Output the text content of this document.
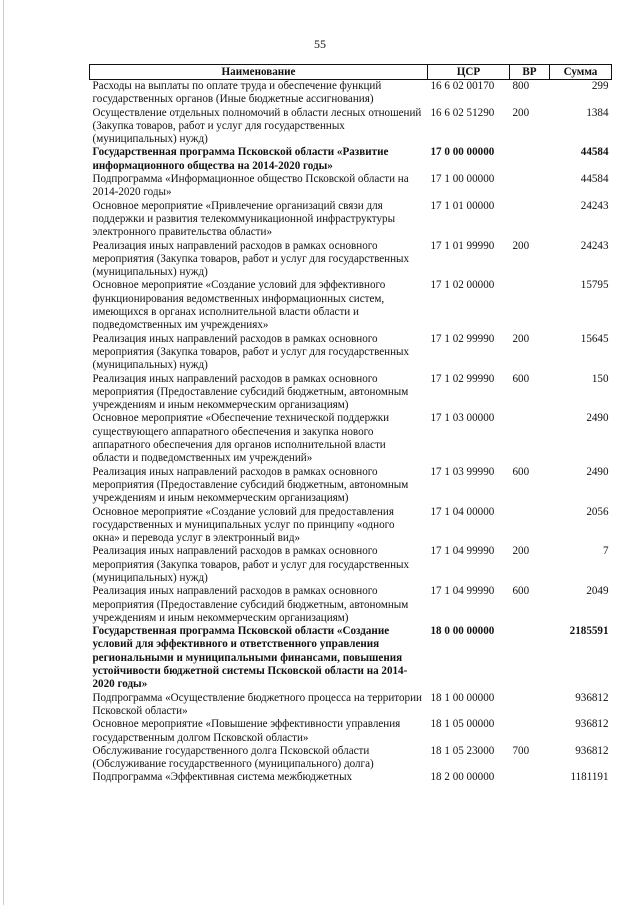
55
Наименование	ЦСР	ВР	Сумма
Расходы на выплаты по оплате труда и обеспечение функций государственных органов (Иные бюджетные ассигнования)	16 6 02 00170	800	299
Осуществление отдельных полномочий в области лесных отношений (Закупка товаров, работ и услуг для государственных (муниципальных) нужд)	16 6 02 51290	200	1384
Государственная программа Псковской области «Развитие информационного общества на 2014-2020 годы»	17 0 00 00000		44584
Подпрограмма «Информационное общество Псковской области на 2014-2020 годы»	17 1 00 00000		44584
Основное мероприятие «Привлечение организаций связи для поддержки и развития телекоммуникационной инфраструктуры электронного правительства области»	17 1 01 00000		24243
Реализация иных направлений расходов в рамках основного мероприятия (Закупка товаров, работ и услуг для государственных (муниципальных) нужд)	17 1 01 99990	200	24243
Основное мероприятие «Создание условий для эффективного функционирования ведомственных информационных систем, имеющихся в органах исполнительной власти области и подведомственных им учреждениях»	17 1 02 00000		15795
Реализация иных направлений расходов в рамках основного мероприятия (Закупка товаров, работ и услуг для государственных (муниципальных) нужд)	17 1 02 99990	200	15645
Реализация иных направлений расходов в рамках основного мероприятия (Предоставление субсидий бюджетным, автономным учреждениям и иным некоммерческим организациям)	17 1 02 99990	600	150
Основное мероприятие «Обеспечение технической поддержки существующего аппаратного обеспечения и закупка нового аппаратного обеспечения для органов исполнительной власти области и подведомственных им учреждений»	17 1 03 00000		2490
Реализация иных направлений расходов в рамках основного мероприятия (Предоставление субсидий бюджетным, автономным учреждениям и иным некоммерческим организациям)	17 1 03 99990	600	2490
Основное мероприятие «Создание условий для предоставления государственных и муниципальных услуг по принципу «одного окна» и перевода услуг в электронный вид»	17 1 04 00000		2056
Реализация иных направлений расходов в рамках основного мероприятия (Закупка товаров, работ и услуг для государственных (муниципальных) нужд)	17 1 04 99990	200	7
Реализация иных направлений расходов в рамках основного мероприятия (Предоставление субсидий бюджетным, автономным учреждениям и иным некоммерческим организациям)	17 1 04 99990	600	2049
Государственная программа Псковской области «Создание условий для эффективного и ответственного управления региональными и муниципальными финансами, повышения устойчивости бюджетной системы Псковской области на 2014-2020 годы»	18 0 00 00000		2185591
Подпрограмма «Осуществление бюджетного процесса на территории Псковской области»	18 1 00 00000		936812
Основное мероприятие «Повышение эффективности управления государственным долгом Псковской области»	18 1 05 00000		936812
Обслуживание государственного долга Псковской области (Обслуживание государственного (муниципального) долга)	18 1 05 23000	700	936812
Подпрограмма «Эффективная система межбюджетных	18 2 00 00000		1181191
